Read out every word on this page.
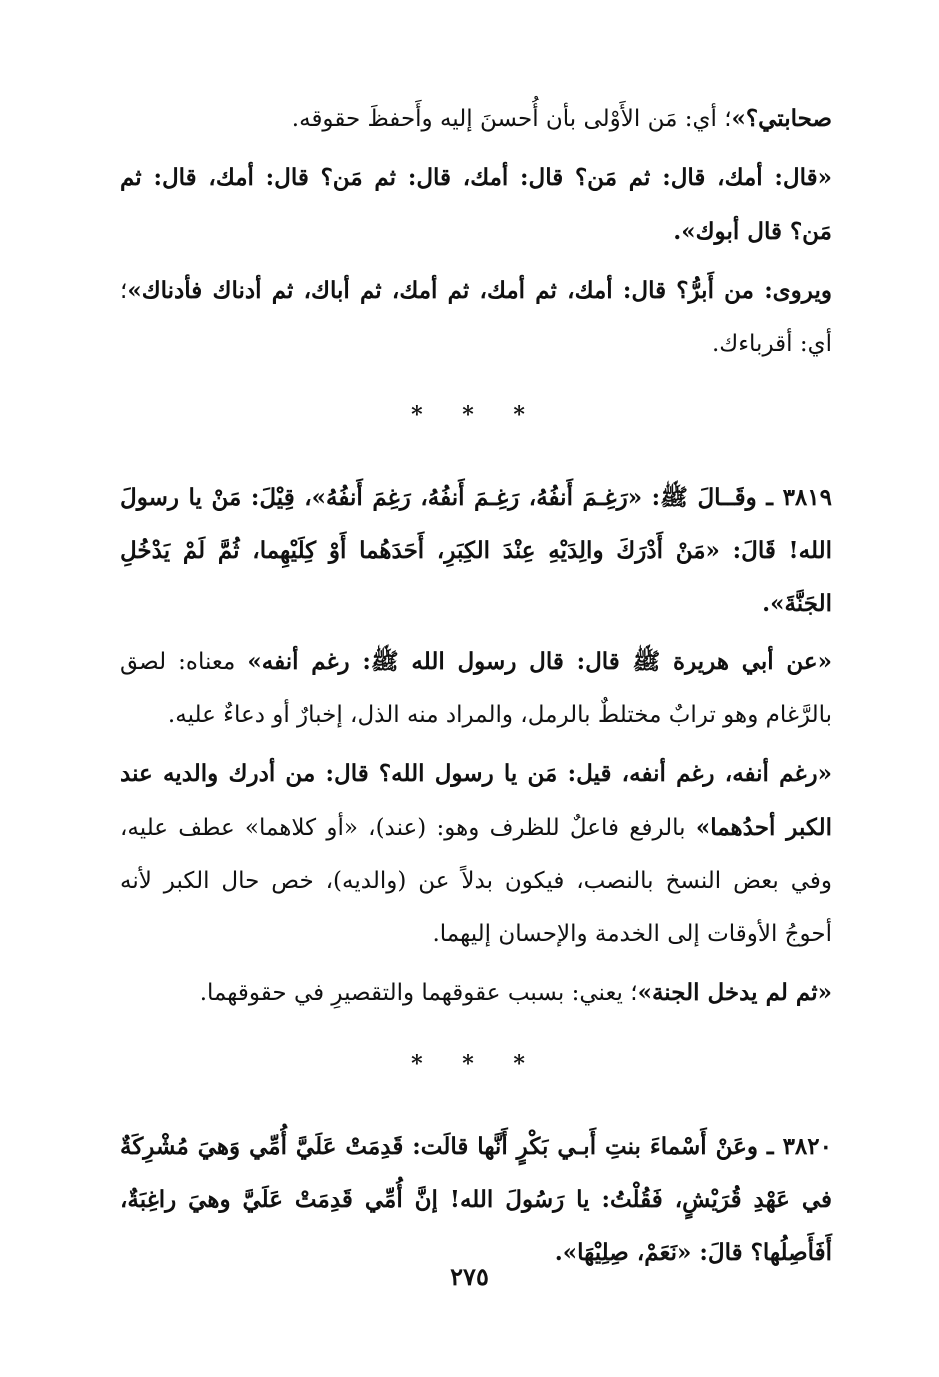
صحابتي؟»؛ أي: مَن الأَوْلى بأن أُحسنَ إليه وأَحفظَ حقوقه.

«قال: أمك، قال: ثم مَن؟ قال: أمك، قال: ثم مَن؟ قال: أمك، قال: ثم مَن؟ قال أبوك».

ويروى: من أَبرُّ؟ قال: أمك، ثم أمك، ثم أمك، ثم أباك، ثم أدناك فأدناك»؛ أي: أقرباءك.

* * *

٣٨١٩ ـ وقَــالَ ﷺ: «رَغِـمَ أَنفُهُ، رَغِـمَ أَنفُهُ، رَغِمَ أَنفُهُ»، قِيْلَ: مَنْ يا رسولَ الله! قَالَ: «مَنْ أَدْرَكَ والِدَيْهِ عِنْدَ الكِبَرِ، أَحَدَهُما أَوْ كِلَيْهِما، ثُمَّ لَمْ يَدْخُلِ الجَنَّةَ».

«عن أبي هريرة ﷺ قال: قال رسول الله ﷺ: رغم أنفه» معناه: لصق بالرَّغام وهو ترابٌ مختلطٌ بالرمل، والمراد منه الذل، إخبارٌ أو دعاءٌ عليه.

«رغم أنفه، رغم أنفه، قيل: مَن يا رسول الله؟ قال: من أدرك والديه عند الكبر أحدُهما» بالرفع فاعلٌ للظرف وهو: (عند)، «أو كلاهما» عطف عليه، وفي بعض النسخ بالنصب، فيكون بدلاً عن (والديه)، خص حال الكبر لأنه أحوجُ الأوقات إلى الخدمة والإحسان إليهما.

«ثم لم يدخل الجنة»؛ يعني: بسبب عقوقهما والتقصيرِ في حقوقهما.

* * *

٣٨٢٠ ـ وعَنْ أَسْماءَ بنتِ أَبـي بَكْرٍ أَنَّها قالَت: قَدِمَتْ عَلَيَّ أُمِّي وَهيَ مُشْرِكَةٌ في عَهْدِ قُرَيْشٍ، فَقُلْتُ: يا رَسُولَ الله! إنَّ أُمِّي قَدِمَتْ عَلَيَّ وهيَ راغِبَةٌ، أَفَأَصِلُها؟ قالَ: «نَعَمْ، صِلِيْهَا».

٢٧٥
